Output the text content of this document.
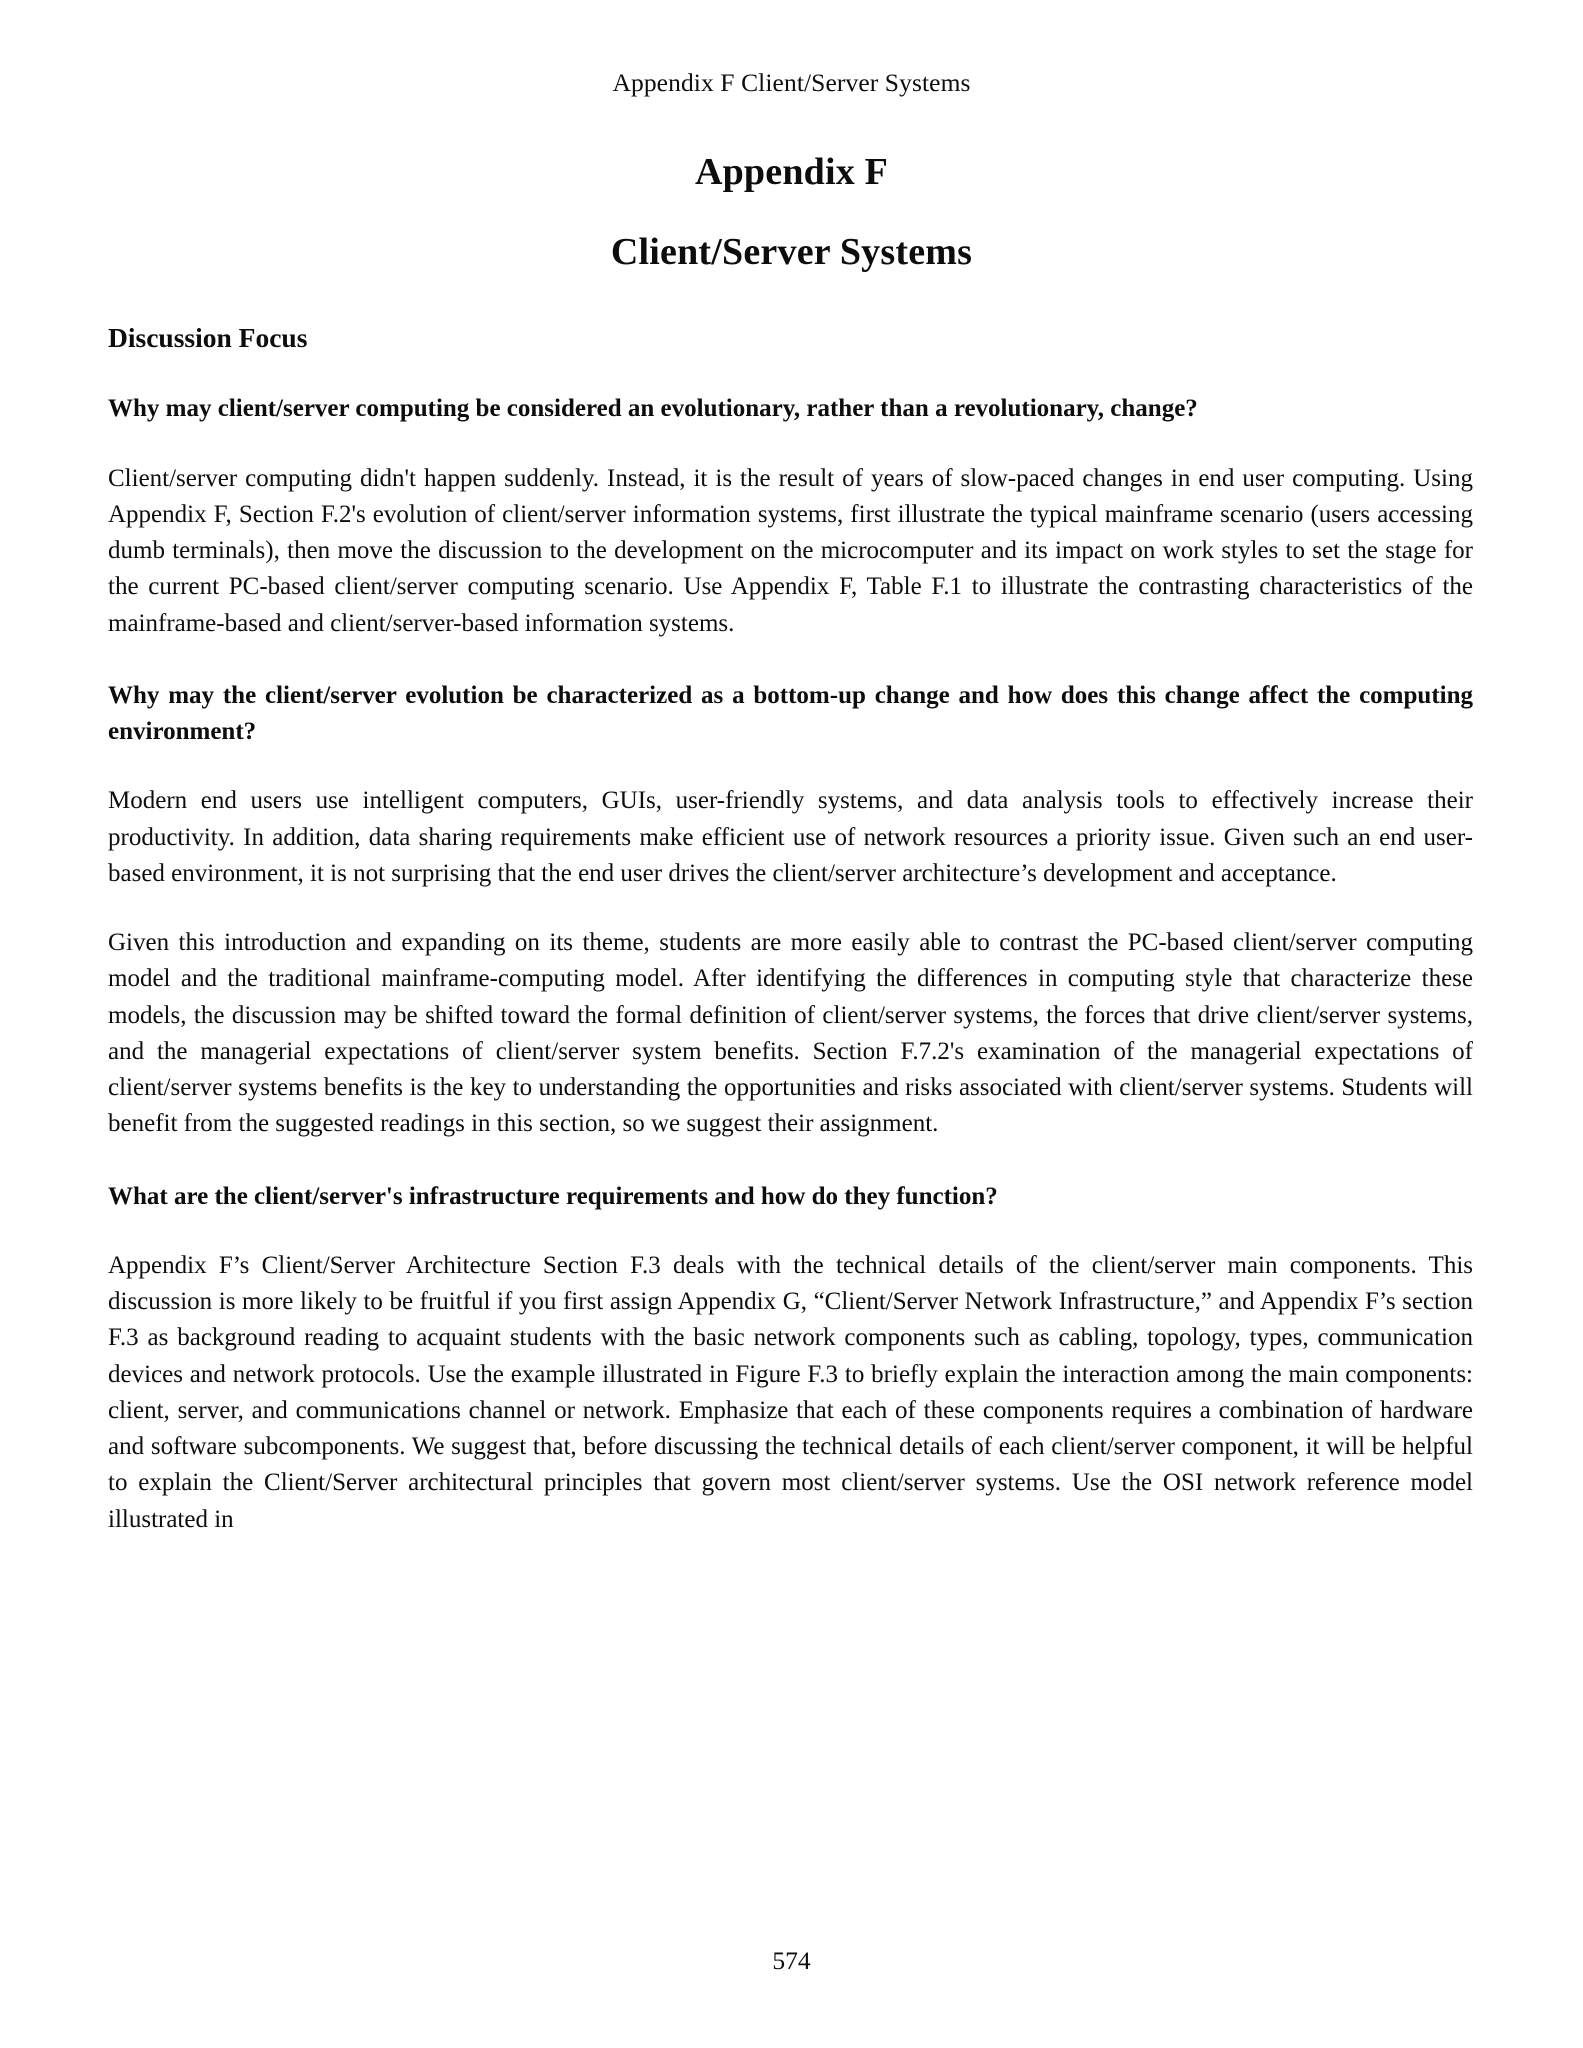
Appendix F Client/Server Systems
Appendix F
Client/Server Systems
Discussion Focus
Why may client/server computing be considered an evolutionary, rather than a revolutionary, change?
Client/server computing didn't happen suddenly. Instead, it is the result of years of slow-paced changes in end user computing. Using Appendix F, Section F.2's evolution of client/server information systems, first illustrate the typical mainframe scenario (users accessing dumb terminals), then move the discussion to the development on the microcomputer and its impact on work styles to set the stage for the current PC-based client/server computing scenario. Use Appendix F, Table F.1 to illustrate the contrasting characteristics of the mainframe-based and client/server-based information systems.
Why may the client/server evolution be characterized as a bottom-up change and how does this change affect the computing environment?
Modern end users use intelligent computers, GUIs, user-friendly systems, and data analysis tools to effectively increase their productivity. In addition, data sharing requirements make efficient use of network resources a priority issue. Given such an end user-based environment, it is not surprising that the end user drives the client/server architecture’s development and acceptance.
Given this introduction and expanding on its theme, students are more easily able to contrast the PC-based client/server computing model and the traditional mainframe-computing model. After identifying the differences in computing style that characterize these models, the discussion may be shifted toward the formal definition of client/server systems, the forces that drive client/server systems, and the managerial expectations of client/server system benefits. Section F.7.2's examination of the managerial expectations of client/server systems benefits is the key to understanding the opportunities and risks associated with client/server systems. Students will benefit from the suggested readings in this section, so we suggest their assignment.
What are the client/server's infrastructure requirements and how do they function?
Appendix F’s Client/Server Architecture Section F.3 deals with the technical details of the client/server main components. This discussion is more likely to be fruitful if you first assign Appendix G, “Client/Server Network Infrastructure,” and Appendix F’s section F.3 as background reading to acquaint students with the basic network components such as cabling, topology, types, communication devices and network protocols. Use the example illustrated in Figure F.3 to briefly explain the interaction among the main components: client, server, and communications channel or network. Emphasize that each of these components requires a combination of hardware and software subcomponents. We suggest that, before discussing the technical details of each client/server component, it will be helpful to explain the Client/Server architectural principles that govern most client/server systems. Use the OSI network reference model illustrated in
574
